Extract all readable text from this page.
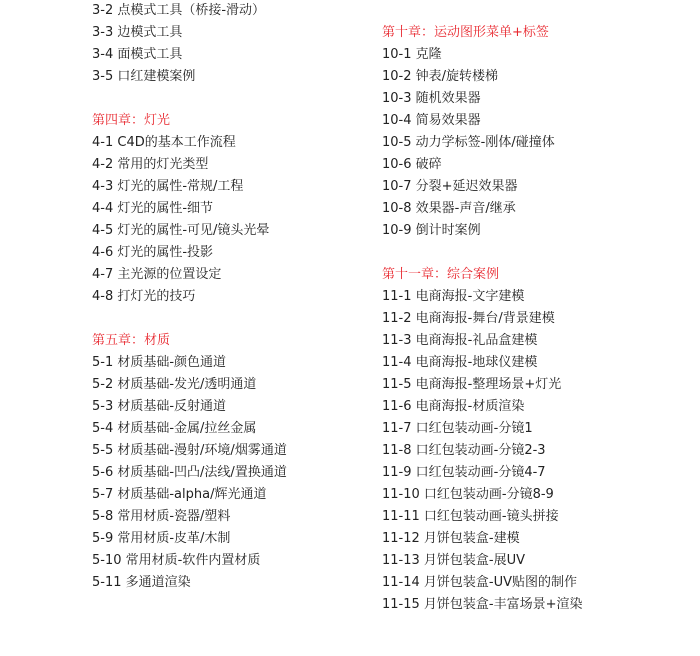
3-2 点模式工具（桥接-滑动）
3-3 边模式工具
3-4 面模式工具
3-5 口红建模案例
第四章：灯光
4-1 C4D的基本工作流程
4-2 常用的灯光类型
4-3 灯光的属性-常规/工程
4-4 灯光的属性-细节
4-5 灯光的属性-可见/镜头光晕
4-6 灯光的属性-投影
4-7 主光源的位置设定
4-8 打灯光的技巧
第五章：材质
5-1 材质基础-颜色通道
5-2 材质基础-发光/透明通道
5-3 材质基础-反射通道
5-4 材质基础-金属/拉丝金属
5-5 材质基础-漫射/环境/烟雾通道
5-6 材质基础-凹凸/法线/置换通道
5-7 材质基础-alpha/辉光通道
5-8 常用材质-瓷器/塑料
5-9 常用材质-皮革/木制
5-10 常用材质-软件内置材质
5-11 多通道渲染
第十章：运动图形菜单+标签
10-1 克隆
10-2 钟表/旋转楼梯
10-3 随机效果器
10-4 简易效果器
10-5 动力学标签-刚体/碰撞体
10-6 破碎
10-7 分裂+延迟效果器
10-8 效果器-声音/继承
10-9 倒计时案例
第十一章：综合案例
11-1 电商海报-文字建模
11-2 电商海报-舞台/背景建模
11-3 电商海报-礼品盒建模
11-4 电商海报-地球仪建模
11-5 电商海报-整理场景+灯光
11-6 电商海报-材质渲染
11-7 口红包装动画-分镜1
11-8 口红包装动画-分镜2-3
11-9 口红包装动画-分镜4-7
11-10 口红包装动画-分镜8-9
11-11 口红包装动画-镜头拼接
11-12 月饼包装盒-建模
11-13 月饼包装盒-展UV
11-14 月饼包装盒-UV贴图的制作
11-15 月饼包装盒-丰富场景+渲染
